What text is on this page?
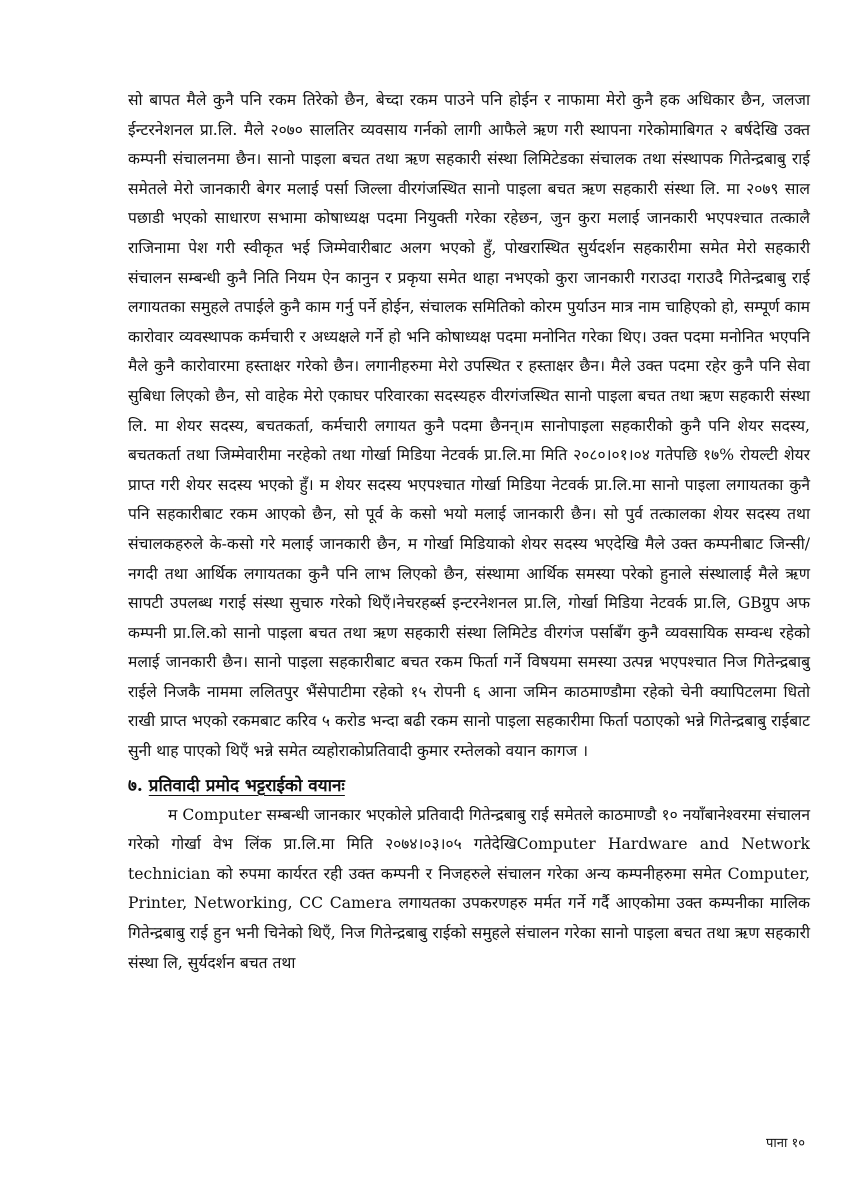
सो बापत मैले कुनै पनि रकम तिरेको छैन, बेच्दा रकम पाउने पनि होईन र नाफामा मेरो कुनै हक अधिकार छैन, जलजा ईन्टरनेशनल प्रा.लि. मैले २०७० सालतिर व्यवसाय गर्नको लागी आफैले ऋण गरी स्थापना गरेकोमाबिगत २ बर्षदेखि उक्त कम्पनी संचालनमा छैन। सानो पाइला बचत तथा ऋण सहकारी संस्था लिमिटेडका संचालक तथा संस्थापक गितेन्द्रबाबु राई समेतले मेरो जानकारी बेगर मलाई पर्सा जिल्ला वीरगंजस्थित सानो पाइला बचत ऋण सहकारी संस्था लि. मा २०७९ साल पछाडी भएको साधारण सभामा कोषाध्यक्ष पदमा नियुक्ती गरेका रहेछन, जुन कुरा मलाई जानकारी भएपश्चात तत्कालै राजिनामा पेश गरी स्वीकृत भई जिम्मेवारीबाट अलग भएको हुँ, पोखरास्थित सुर्यदर्शन सहकारीमा समेत मेरो सहकारी संचालन सम्बन्धी कुनै निति नियम ऐन कानुन र प्रकृया समेत थाहा नभएको कुरा जानकारी गराउदा गराउदै गितेन्द्रबाबु राई लगायतका समुहले तपाईले कुनै काम गर्नु पर्ने होईन, संचालक समितिको कोरम पुर्याउन मात्र नाम चाहिएको हो, सम्पूर्ण काम कारोवार व्यवस्थापक कर्मचारी र अध्यक्षले गर्ने हो भनि कोषाध्यक्ष पदमा मनोनित गरेका थिए। उक्त पदमा मनोनित भएपनि मैले कुनै कारोवारमा हस्ताक्षर गरेको छैन। लगानीहरुमा मेरो उपस्थित र हस्ताक्षर छैन। मैले उक्त पदमा रहेर कुनै पनि सेवा सुबिधा लिएको छैन, सो वाहेक मेरो एकाघर परिवारका सदस्यहरु वीरगंजस्थित सानो पाइला बचत तथा ऋण सहकारी संस्था लि. मा शेयर सदस्य, बचतकर्ता, कर्मचारी लगायत कुनै पदमा छैनन्।म सानोपाइला सहकारीको कुनै पनि शेयर सदस्य, बचतकर्ता तथा जिम्मेवारीमा नरहेको तथा गोर्खा मिडिया नेटवर्क प्रा.लि.मा मिति २०८०।०१।०४ गतेपछि १७% रोयल्टी शेयर प्राप्त गरी शेयर सदस्य भएको हुँ। म शेयर सदस्य भएपश्चात गोर्खा मिडिया नेटवर्क प्रा.लि.मा सानो पाइला लगायतका कुनै पनि सहकारीबाट रकम आएको छैन, सो पूर्व के कसो भयो मलाई जानकारी छैन। सो पुर्व तत्कालका शेयर सदस्य तथा संचालकहरुले के-कसो गरे मलाई जानकारी छैन, म गोर्खा मिडियाको शेयर सदस्य भएदेखि मैले उक्त कम्पनीबाट जिन्सी/नगदी तथा आर्थिक लगायतका कुनै पनि लाभ लिएको छैन, संस्थामा आर्थिक समस्या परेको हुनाले संस्थालाई मैले ऋण सापटी उपलब्ध गराई संस्था सुचारु गरेको थिएँ।नेचरहर्ब्स इन्टरनेशनल प्रा.लि, गोर्खा मिडिया नेटवर्क प्रा.लि, GBग्रुप अफ कम्पनी प्रा.लि.को सानो पाइला बचत तथा ऋण सहकारी संस्था लिमिटेड वीरगंज पर्साबँग कुनै व्यवसायिक सम्वन्ध रहेको मलाई जानकारी छैन। सानो पाइला सहकारीबाट बचत रकम फिर्ता गर्ने विषयमा समस्या उत्पन्न भएपश्चात निज गितेन्द्रबाबु राईले निजकै नाममा ललितपुर भैंसेपाटीमा रहेको १५ रोपनी ६ आना जमिन काठमाण्डौमा रहेको चेनी क्यापिटलमा धितो राखी प्राप्त भएको रकमबाट करिव ५ करोड भन्दा बढी रकम सानो पाइला सहकारीमा फिर्ता पठाएको भन्ने गितेन्द्रबाबु राईबाट सुनी थाह पाएको थिएँ भन्ने समेत व्यहोराकोप्रतिवादी कुमार रम्तेलको वयान कागज ।

७. प्रतिवादी प्रमोद भट्टराईको वयानः

म Computer सम्बन्धी जानकार भएकोले प्रतिवादी गितेन्द्रबाबु राई समेतले काठमाण्डौ १० नयाँबानेश्वरमा संचालन गरेको गोर्खा वेभ लिंक प्रा.लि.मा मिति २०७४।०३।०५ गतेदेखिComputer Hardware and Network technician को रुपमा कार्यरत रही उक्त कम्पनी र निजहरुले संचालन गरेका अन्य कम्पनीहरुमा समेत Computer, Printer, Networking, CC Camera लगायतका उपकरणहरु मर्मत गर्ने गर्दै आएकोमा उक्त कम्पनीका मालिक गितेन्द्रबाबु राई हुन भनी चिनेको थिएँ, निज गितेन्द्रबाबु राईको समुहले संचालन गरेका सानो पाइला बचत तथा ऋण सहकारी संस्था लि, सुर्यदर्शन बचत तथा

पाना १०
